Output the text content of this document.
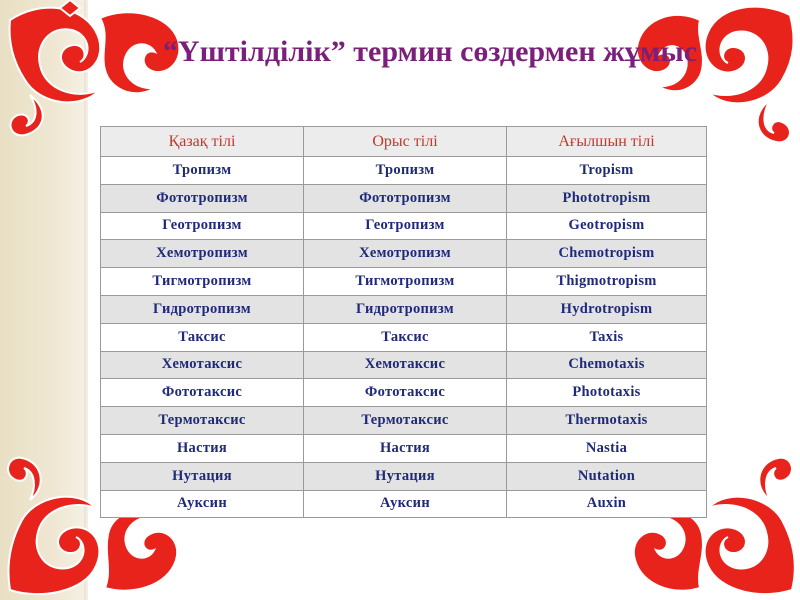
“Үштілділік” термин сөздермен жұмыс
Қазақ тілі	Орыс тілі	Ағылшын тілі
Тропизм	Тропизм	Tropism
Фототропизм	Фототропизм	Phototropism
Геотропизм	Геотропизм	Geotropism
Хемотропизм	Хемотропизм	Chemotropism
Тигмотропизм	Тигмотропизм	Thigmotropism
Гидротропизм	Гидротропизм	Hydrotropism
Таксис	Таксис	Taxis
Хемотаксис	Хемотаксис	Chemotaxis
Фототаксис	Фототаксис	Phototaxis
Термотаксис	Термотаксис	Thermotaxis
Настия	Настия	Nastia
Нутация	Нутация	Nutation
Ауксин	Ауксин	Auxin
